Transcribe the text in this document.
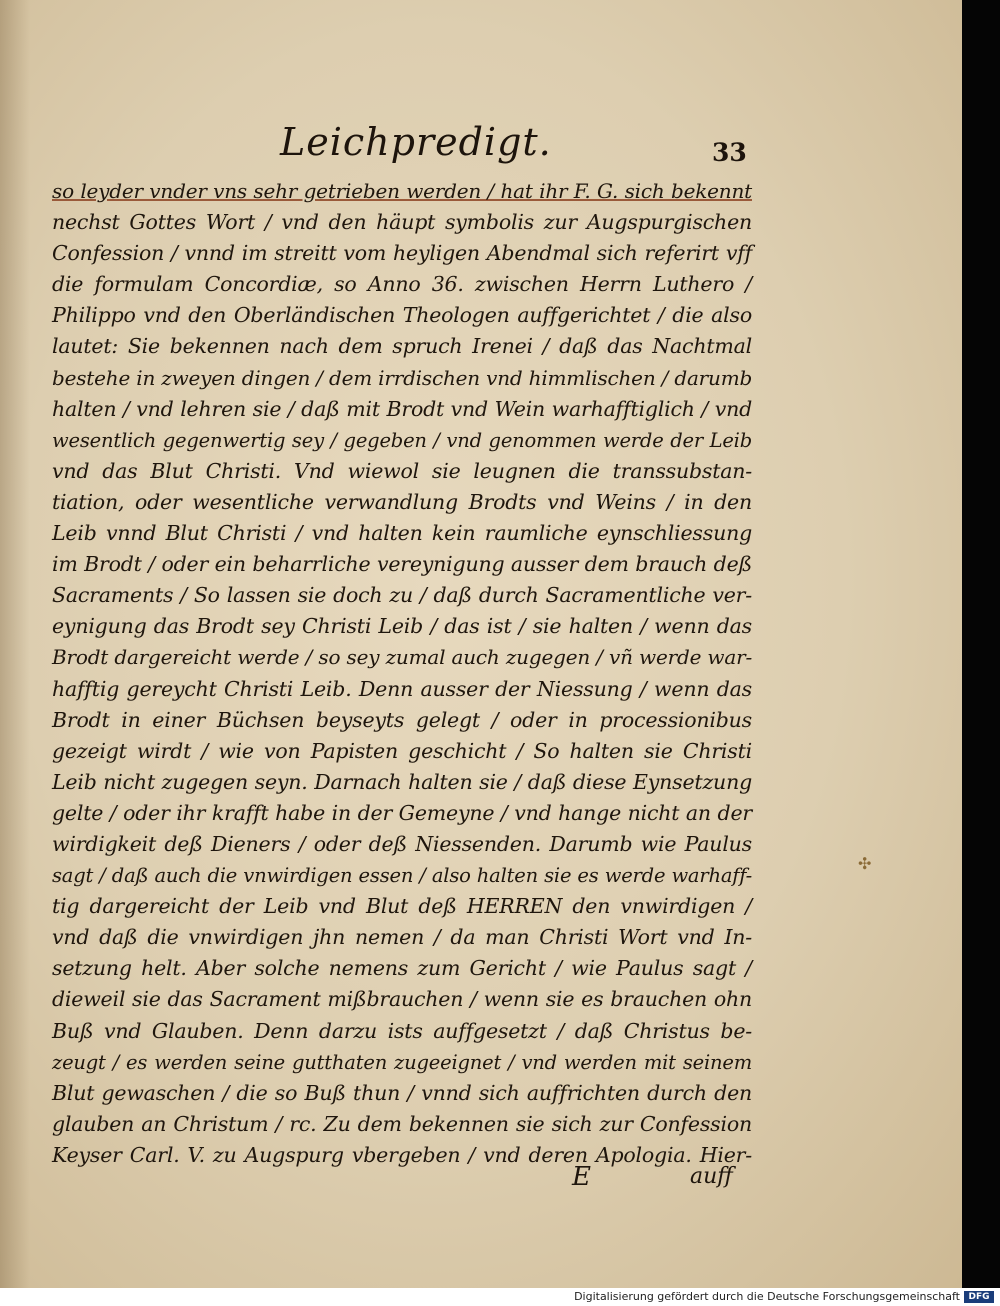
Leichpredigt.	33
so leyder vnder vns sehr getrieben werden / hat ihr F. G. sich bekennt
nechst Gottes Wort / vnd den häupt symbolis zur Augspurgischen
Confession / vnnd im streitt vom heyligen Abendmal sich referirt vff
die formulam Concordiæ, so Anno 36. zwischen Herrn Luthero /
Philippo vnd den Oberländischen Theologen auffgerichtet / die also
lautet: Sie bekennen nach dem spruch Irenei / daß das Nachtmal
bestehe in zweyen dingen / dem irrdischen vnd himmlischen / darumb
halten / vnd lehren sie / daß mit Brodt vnd Wein warhafftiglich / vnd
wesentlich gegenwertig sey / gegeben / vnd genommen werde der Leib
vnd das Blut Christi. Vnd wiewol sie leugnen die transsubstan-
tiation, oder wesentliche verwandlung Brodts vnd Weins / in den
Leib vnnd Blut Christi / vnd halten kein raumliche eynschliessung
im Brodt / oder ein beharrliche vereynigung ausser dem brauch deß
Sacraments / So lassen sie doch zu / daß durch Sacramentliche ver-
eynigung das Brodt sey Christi Leib / das ist / sie halten / wenn das
Brodt dargereicht werde / so sey zumal auch zugegen / vñ werde war-
hafftig gereycht Christi Leib. Denn ausser der Niessung / wenn das
Brodt in einer Büchsen beyseyts gelegt / oder in processionibus
gezeigt wirdt / wie von Papisten geschicht / So halten sie Christi
Leib nicht zugegen seyn. Darnach halten sie / daß diese Eynsetzung
gelte / oder ihr krafft habe in der Gemeyne / vnd hange nicht an der
wirdigkeit deß Dieners / oder deß Niessenden. Darumb wie Paulus
sagt / daß auch die vnwirdigen essen / also halten sie es werde warhaff-
tig dargereicht der Leib vnd Blut deß HERREN den vnwirdigen /
vnd daß die vnwirdigen jhn nemen / da man Christi Wort vnd In-
setzung helt. Aber solche nemens zum Gericht / wie Paulus sagt /
dieweil sie das Sacrament mißbrauchen / wenn sie es brauchen ohn
Buß vnd Glauben. Denn darzu ists auffgesetzt / daß Christus be-
zeugt / es werden seine gutthaten zugeeignet / vnd werden mit seinem
Blut gewaschen / die so Buß thun / vnnd sich auffrichten durch den
glauben an Christum / rc. Zu dem bekennen sie sich zur Confession
Keyser Carl. V. zu Augspurg vbergeben / vnd deren Apologia. Hier-
E	auff
✣
Digitalisierung gefördert durch die Deutsche Forschungsgemeinschaft DFG
